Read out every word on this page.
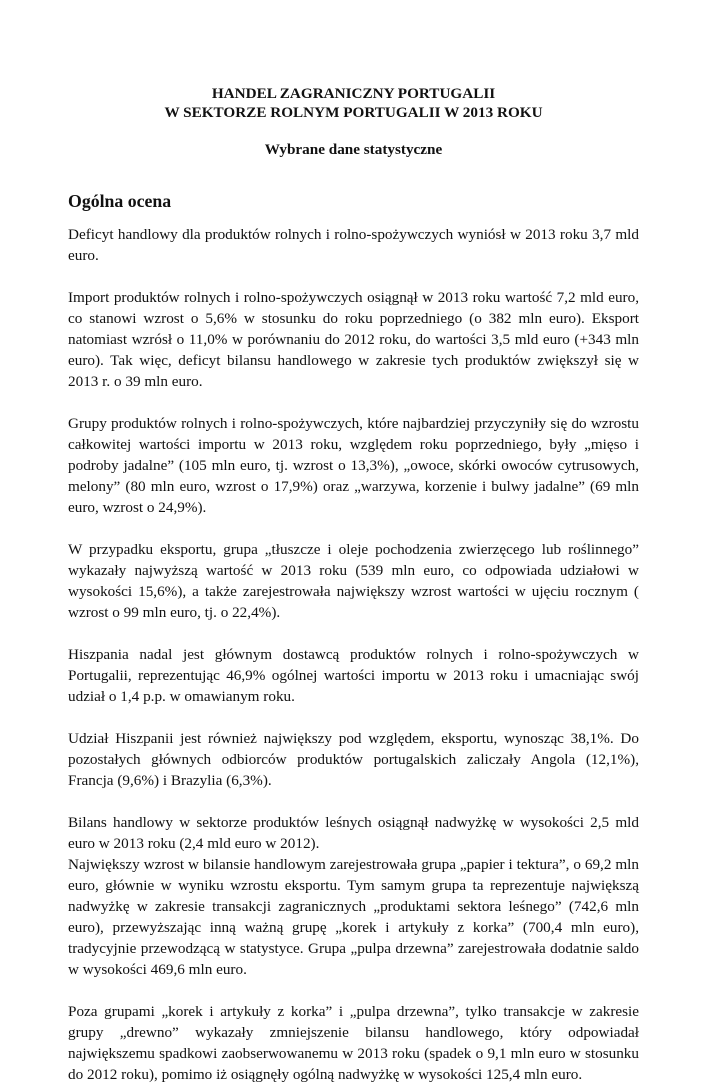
HANDEL ZAGRANICZNY PORTUGALII
W SEKTORZE ROLNYM PORTUGALII W 2013 ROKU
Wybrane dane statystyczne
Ogólna ocena

Deficyt handlowy dla produktów rolnych i rolno-spożywczych wyniósł w 2013 roku 3,7 mld euro.

Import produktów rolnych i rolno-spożywczych osiągnął w 2013 roku wartość 7,2 mld euro, co stanowi wzrost o 5,6% w stosunku do roku poprzedniego (o 382 mln euro). Eksport natomiast wzrósł o 11,0% w porównaniu do 2012 roku, do wartości 3,5 mld euro (+343 mln euro). Tak więc, deficyt bilansu handlowego w zakresie tych produktów zwiększył się w 2013 r. o 39 mln euro.

Grupy produktów rolnych i rolno-spożywczych, które najbardziej przyczyniły się do wzrostu całkowitej wartości importu w 2013 roku, względem roku poprzedniego, były „mięso i podroby jadalne” (105 mln euro, tj. wzrost o 13,3%), „owoce, skórki owoców cytrusowych, melony” (80 mln euro, wzrost o 17,9%) oraz „warzywa, korzenie i bulwy jadalne” (69 mln euro, wzrost o 24,9%).

W przypadku eksportu, grupa „tłuszcze i oleje pochodzenia zwierzęcego lub roślinnego” wykazały najwyższą wartość w 2013 roku (539 mln euro, co odpowiada udziałowi w wysokości 15,6%), a także zarejestrowała największy wzrost wartości w ujęciu rocznym ( wzrost o 99 mln euro, tj. o 22,4%).

Hiszpania nadal jest głównym dostawcą produktów rolnych i rolno-spożywczych w Portugalii, reprezentując 46,9% ogólnej wartości importu w 2013 roku i umacniając swój udział o 1,4 p.p. w omawianym roku.

Udział Hiszpanii jest również największy pod względem, eksportu, wynosząc 38,1%. Do pozostałych głównych odbiorców produktów portugalskich zaliczały Angola (12,1%), Francja (9,6%) i Brazylia (6,3%).

Bilans handlowy w sektorze produktów leśnych osiągnął nadwyżkę w wysokości 2,5 mld euro w 2013 roku (2,4 mld euro w 2012).

Największy wzrost w bilansie handlowym zarejestrowała grupa „papier i tektura”, o 69,2 mln euro, głównie w wyniku wzrostu eksportu. Tym samym grupa ta reprezentuje największą nadwyżkę w zakresie transakcji zagranicznych „produktami sektora leśnego” (742,6 mln euro), przewyższając inną ważną grupę „korek i artykuły z korka” (700,4 mln euro), tradycyjnie przewodzącą w statystyce. Grupa „pulpa drzewna” zarejestrowała dodatnie saldo w wysokości 469,6 mln euro.

Poza grupami „korek i artykuły z korka” i „pulpa drzewna”, tylko transakcje w zakresie grupy „drewno” wykazały zmniejszenie bilansu handlowego, który odpowiadał największemu spadkowi zaobserwowanemu w 2013 roku (spadek o 9,1 mln euro w stosunku do 2012 roku), pomimo iż osiągnęły ogólną nadwyżkę w wysokości 125,4 mln euro.
